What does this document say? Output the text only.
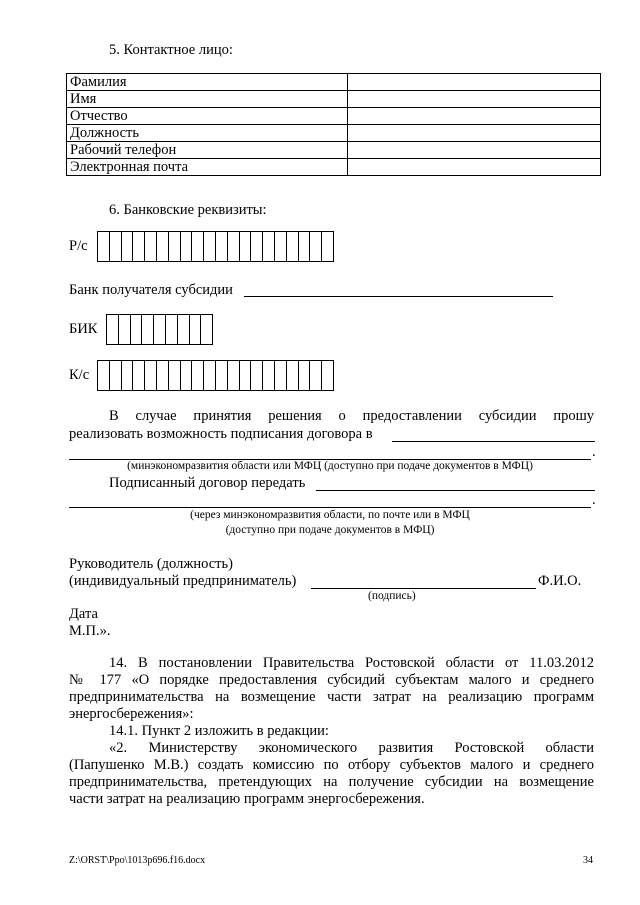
5. Контактное лицо:
Фамилия	
Имя	
Отчество	
Должность	
Рабочий телефон	
Электронная почта	
6. Банковские реквизиты:
Р/с
Банк получателя субсидии
БИК
К/с
В случае принятия решения о предоставлении субсидии прошу
реализовать возможность подписания договора в
.
(минэкономразвития области или МФЦ (доступно при подаче документов в МФЦ)
Подписанный договор передать
.
(через минэкономразвития области, по почте или в МФЦ
(доступно при подаче документов в МФЦ)
Руководитель (должность)
(индивидуальный предприниматель)	Ф.И.О.
(подпись)
Дата
М.П.».
14. В постановлении Правительства Ростовской области от 11.03.2012
№ 177 «О порядке предоставления субсидий субъектам малого и среднего
предпринимательства на возмещение части затрат на реализацию программ
энергосбережения»:
14.1. Пункт 2 изложить в редакции:
«2. Министерству экономического развития Ростовской области
(Папушенко М.В.) создать комиссию по отбору субъектов малого и среднего
предпринимательства, претендующих на получение субсидии на возмещение
части затрат на реализацию программ энергосбережения.
Z:\ORST\Ppo\1013p696.f16.docx	34
